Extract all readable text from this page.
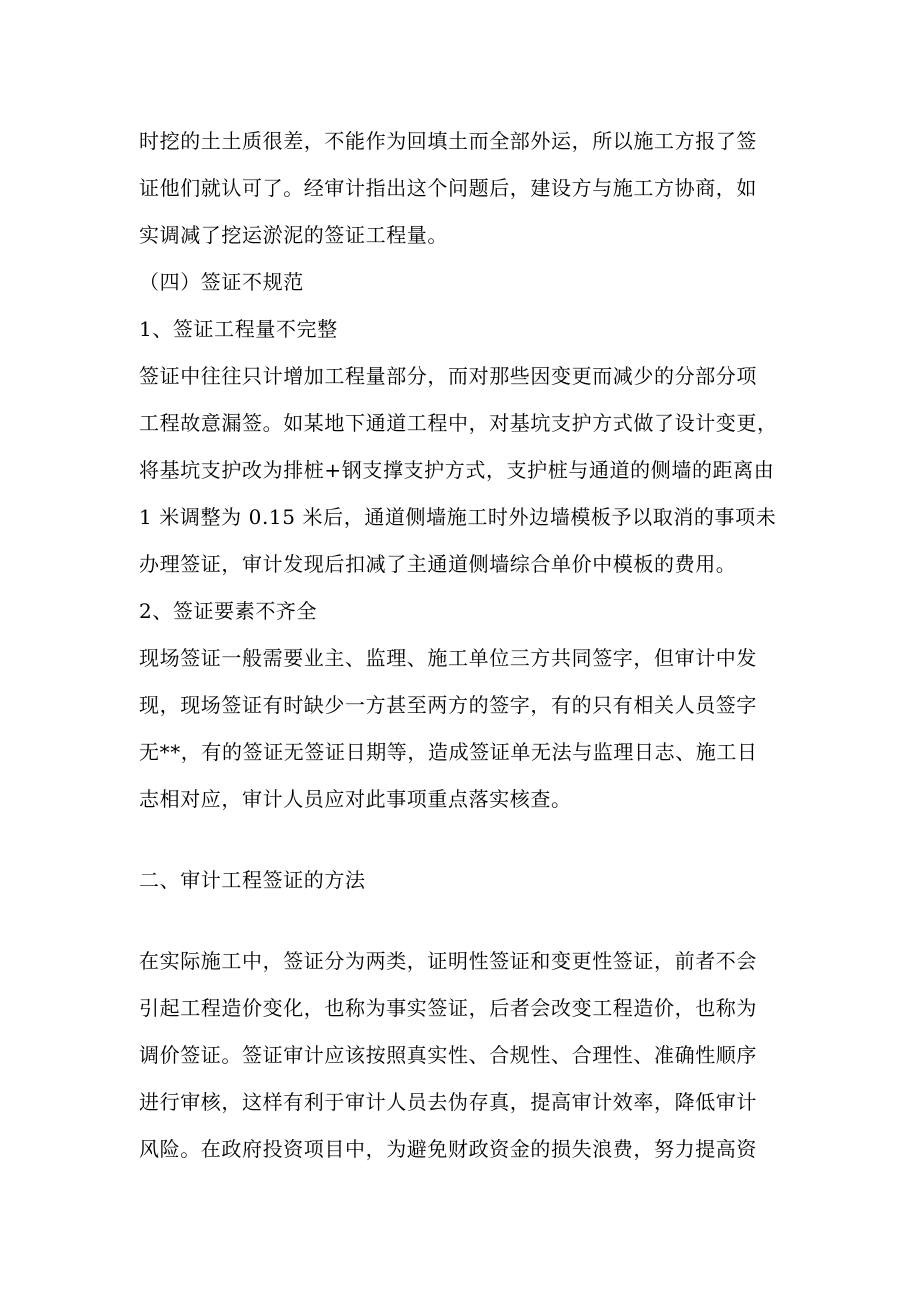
时挖的土土质很差，不能作为回填土而全部外运，所以施工方报了签
证他们就认可了。经审计指出这个问题后，建设方与施工方协商，如
实调减了挖运淤泥的签证工程量。
（四）签证不规范
1、签证工程量不完整
签证中往往只计增加工程量部分，而对那些因变更而减少的分部分项
工程故意漏签。如某地下通道工程中，对基坑支护方式做了设计变更，
将基坑支护改为排桩+钢支撑支护方式，支护桩与通道的侧墙的距离由
1 米调整为 0.15 米后，通道侧墙施工时外边墙模板予以取消的事项未
办理签证，审计发现后扣减了主通道侧墙综合单价中模板的费用。
2、签证要素不齐全
现场签证一般需要业主、监理、施工单位三方共同签字，但审计中发
现，现场签证有时缺少一方甚至两方的签字，有的只有相关人员签字
无**，有的签证无签证日期等，造成签证单无法与监理日志、施工日
志相对应，审计人员应对此事项重点落实核查。
二、审计工程签证的方法
在实际施工中，签证分为两类，证明性签证和变更性签证，前者不会
引起工程造价变化，也称为事实签证，后者会改变工程造价，也称为
调价签证。签证审计应该按照真实性、合规性、合理性、准确性顺序
进行审核，这样有利于审计人员去伪存真，提高审计效率，降低审计
风险。在政府投资项目中，为避免财政资金的损失浪费，努力提高资
